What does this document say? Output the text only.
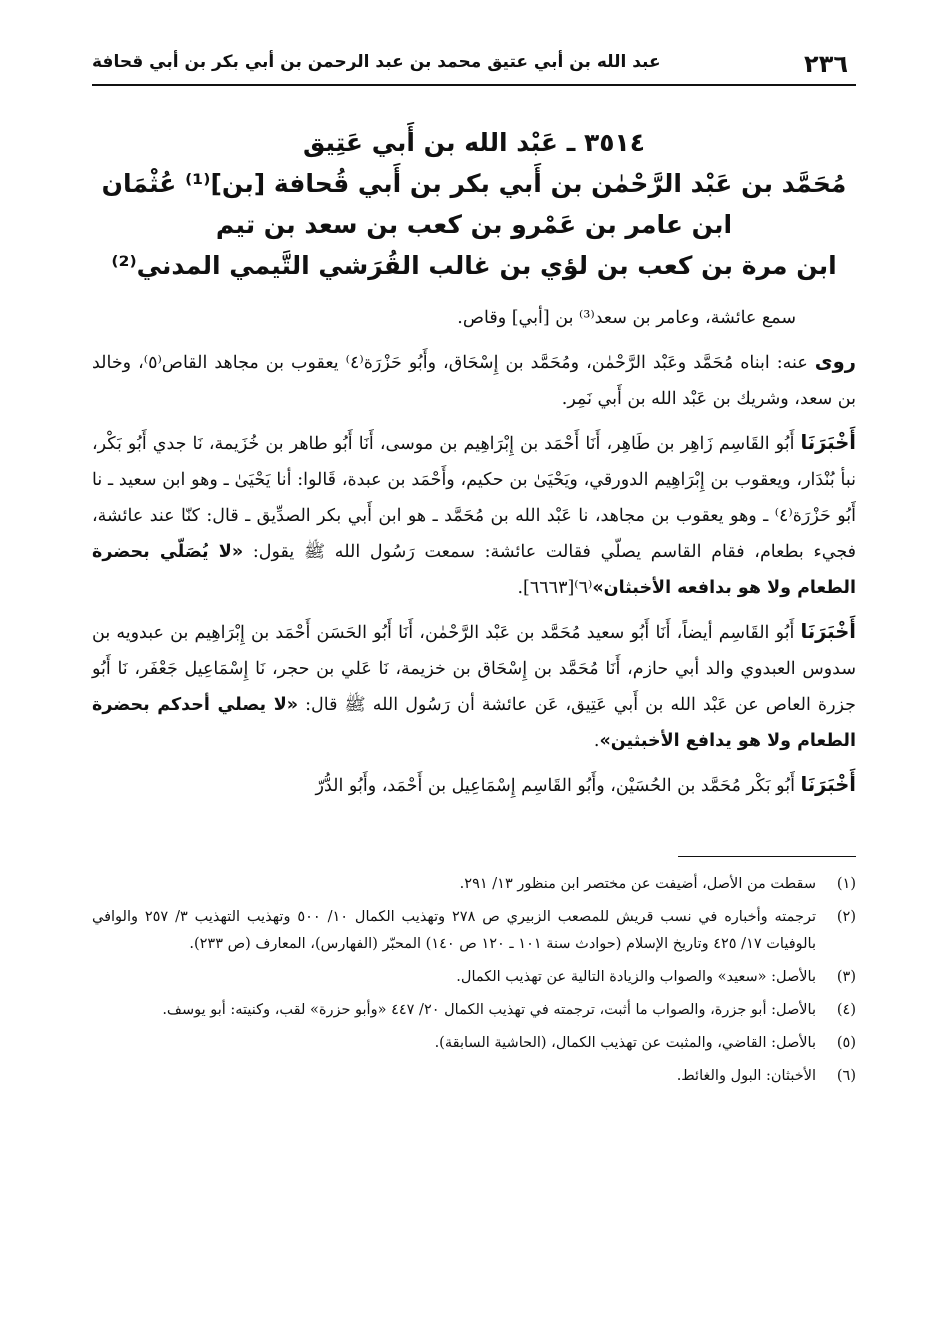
٢٣٦
عبد الله بن أبي عتيق محمد بن عبد الرحمن بن أبي بكر بن أبي قحافة
٣٥١٤ ـ عَبْد الله بن أَبي عَتِيق
مُحَمَّد بن عَبْد الرَّحْمٰن بن أَبي بكر بن أَبي قُحافة [بن]⁽¹⁾ عُثْمَان
ابن عامر بن عَمْرو بن كعب بن سعد بن تيم
ابن مرة بن كعب بن لؤي بن غالب القُرَشي التَّيمي المدني⁽²⁾

سمع عائشة، وعامر بن سعد⁽³⁾ بن [أبي] وقاص.

روى عنه: ابناه مُحَمَّد وعَبْد الرَّحْمٰن، ومُحَمَّد بن إِسْحَاق، وأَبُو حَزْرَة⁽٤⁾ يعقوب بن مجاهد القاص⁽٥⁾، وخالد بن سعد، وشريك بن عَبْد الله بن أَبي نَمِر.

أَخْبَرَنَا أَبُو القَاسِم زَاهِر بن طَاهِر، أَنَا أَحْمَد بن إِبْرَاهِيم بن موسى، أَنَا أَبُو طاهر بن خُزَيمة، نَا جدي أَبُو بَكْر، نبأ بُنْدَار، ويعقوب بن إِبْرَاهِيم الدورقي، ويَحْيَىٰ بن حكيم، وأَحْمَد بن عبدة، قَالوا: أنا يَحْيَىٰ ـ وهو ابن سعيد ـ نا أَبُو حَزْرَة⁽٤⁾ ـ وهو يعقوب بن مجاهد، نا عَبْد الله بن مُحَمَّد ـ هو ابن أَبي بكر الصدِّيق ـ قال: كنّا عند عائشة، فجيء بطعام، فقام القاسم يصلّي فقالت عائشة: سمعت رَسُول الله ﷺ يقول: «لا يُصَلّي بحضرة الطعام ولا هو بدافعه الأخبثان»⁽٦⁾[٦٦٦٣].

أَخْبَرَنَا أَبُو القَاسِم أيضاً، أَنَا أَبُو سعيد مُحَمَّد بن عَبْد الرَّحْمٰن، أَنَا أَبُو الحَسَن أَحْمَد بن إِبْرَاهِيم بن عبدويه بن سدوس العبدوي والد أبي حازم، أَنَا مُحَمَّد بن إِسْحَاق بن خزيمة، نَا عَلي بن حجر، نَا إِسْمَاعِيل جَعْفَر، نَا أَبُو جزرة العاص عن عَبْد الله بن أَبي عَتِيق، عَن عائشة أن رَسُول الله ﷺ قال: «لا يصلي أحدكم بحضرة الطعام ولا هو يدافع الأخبثين».

أَخْبَرَنَا أَبُو بَكْر مُحَمَّد بن الحُسَيْن، وأَبُو القَاسِم إِسْمَاعِيل بن أَحْمَد، وأَبُو الدُّرّ

(١)
سقطت من الأصل، أضيفت عن مختصر ابن منظور ١٣/ ٢٩١.
(٢)
ترجمته وأخباره في نسب قريش للمصعب الزبيري ص ٢٧٨ وتهذيب الكمال ١٠/ ٥٠٠ وتهذيب التهذيب ٣/ ٢٥٧ والوافي بالوفيات ١٧/ ٤٢٥ وتاريخ الإسلام (حوادث سنة ١٠١ ـ ١٢٠ ص ١٤٠) المحبّر (الفهارس)، المعارف (ص ٢٣٣).
(٣)
بالأصل: «سعيد» والصواب والزيادة التالية عن تهذيب الكمال.
(٤)
بالأصل: أبو جزرة، والصواب ما أثبت، ترجمته في تهذيب الكمال ٢٠/ ٤٤٧ «وأبو حزرة» لقب، وكنيته: أبو يوسف.
(٥)
بالأصل: القاضي، والمثبت عن تهذيب الكمال، (الحاشية السابقة).
(٦)
الأخبثان: البول والغائط.
